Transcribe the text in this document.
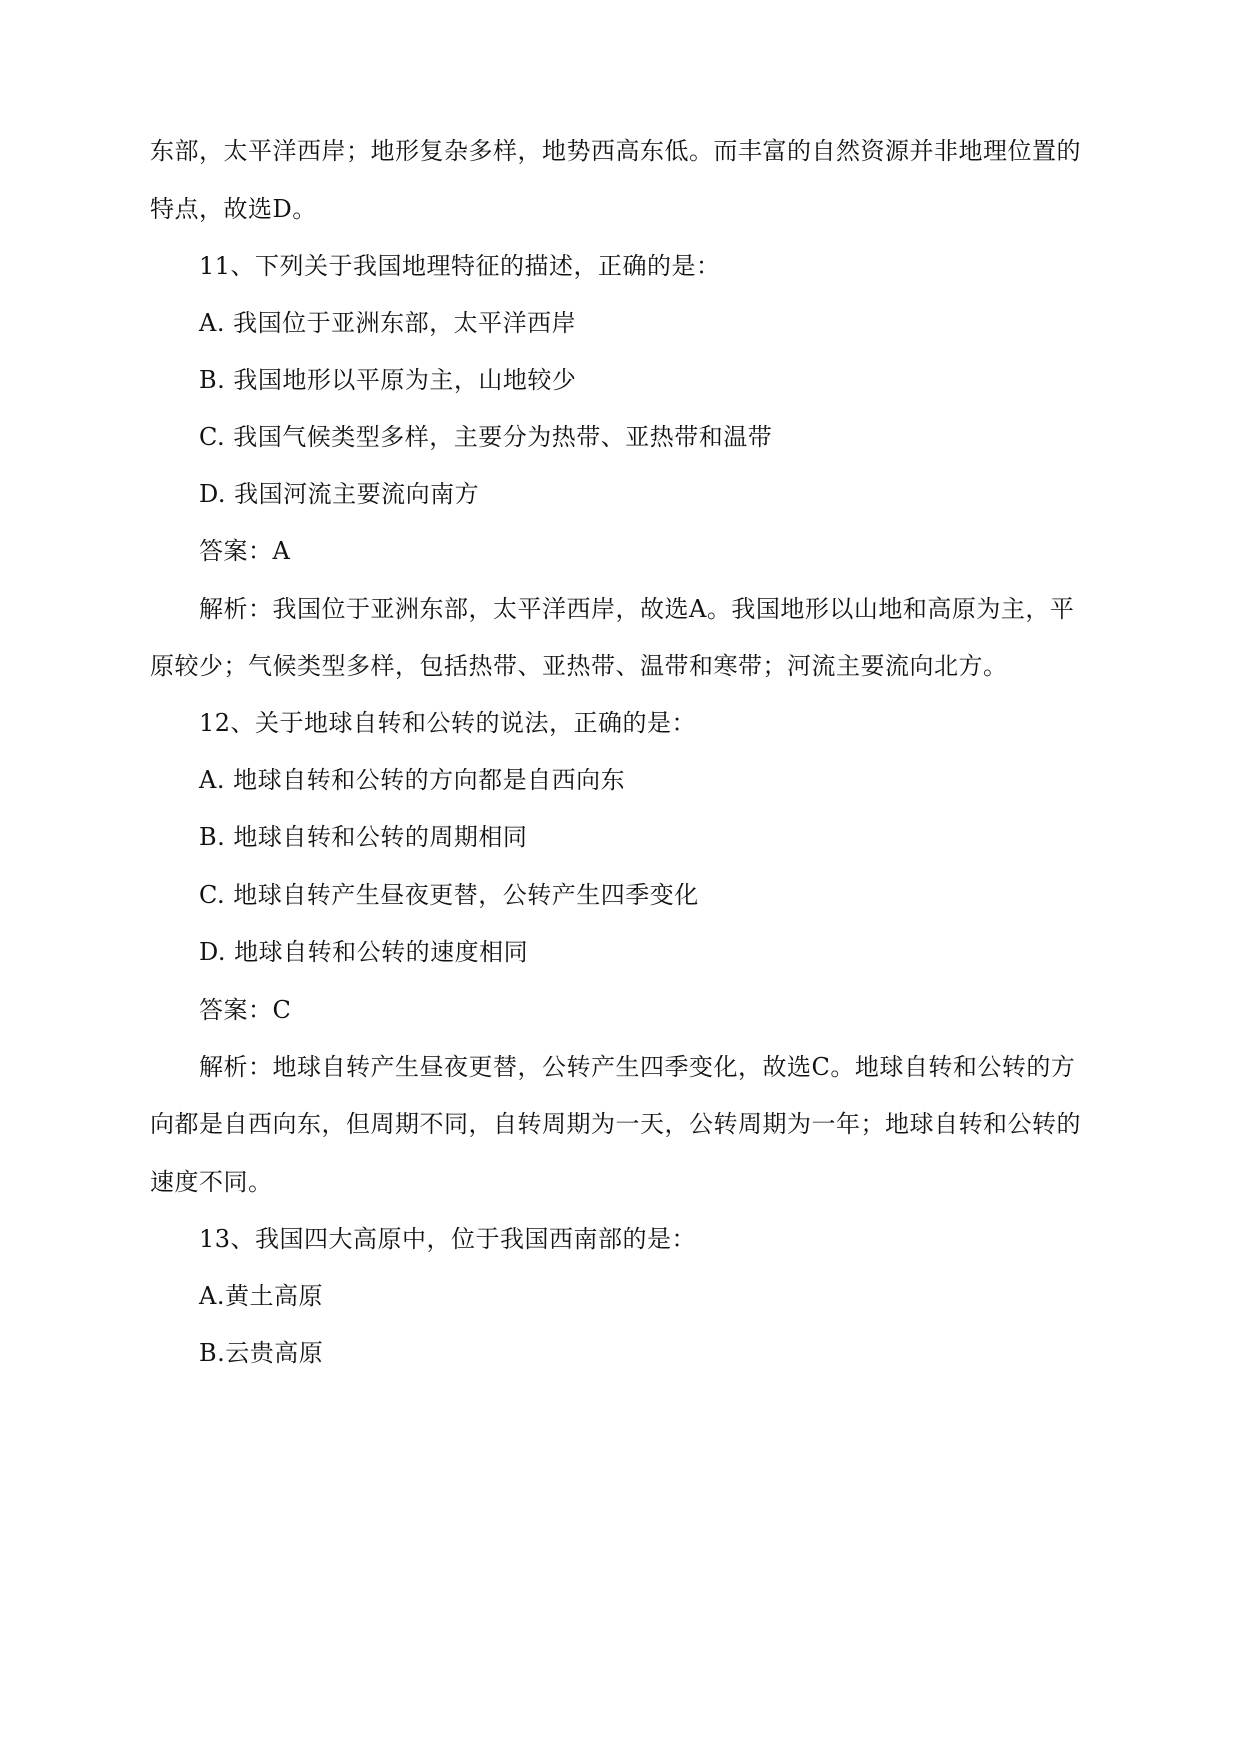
东部，太平洋西岸；地形复杂多样，地势西高东低。而丰富的自然资源并非地理位置的
特点，故选D。
11、下列关于我国地理特征的描述，正确的是：
A. 我国位于亚洲东部，太平洋西岸
B. 我国地形以平原为主，山地较少
C. 我国气候类型多样，主要分为热带、亚热带和温带
D. 我国河流主要流向南方
答案：A
解析：我国位于亚洲东部，太平洋西岸，故选A。我国地形以山地和高原为主，平
原较少；气候类型多样，包括热带、亚热带、温带和寒带；河流主要流向北方。
12、关于地球自转和公转的说法，正确的是：
A. 地球自转和公转的方向都是自西向东
B. 地球自转和公转的周期相同
C. 地球自转产生昼夜更替，公转产生四季变化
D. 地球自转和公转的速度相同
答案：C
解析：地球自转产生昼夜更替，公转产生四季变化，故选C。地球自转和公转的方
向都是自西向东，但周期不同，自转周期为一天，公转周期为一年；地球自转和公转的
速度不同。
13、我国四大高原中，位于我国西南部的是：
A.黄土高原
B.云贵高原
